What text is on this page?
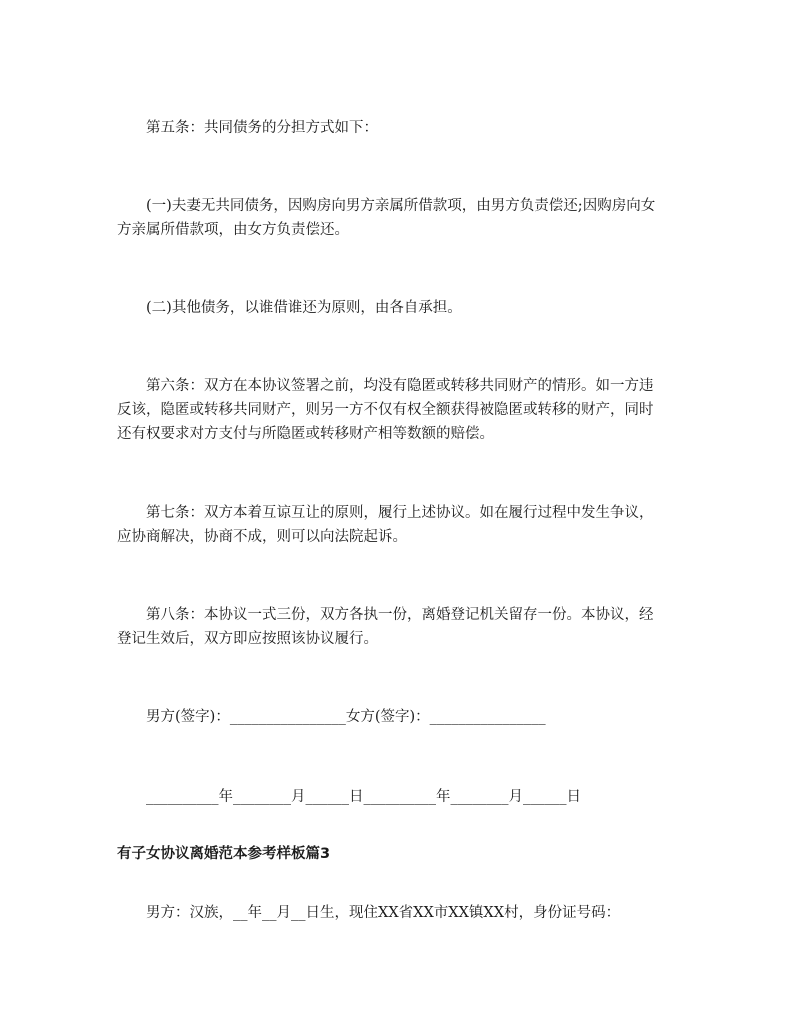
第五条：共同债务的分担方式如下：

(一)夫妻无共同债务，因购房向男方亲属所借款项，由男方负责偿还;因购房向女方亲属所借款项，由女方负责偿还。

(二)其他债务，以谁借谁还为原则，由各自承担。

第六条：双方在本协议签署之前，均没有隐匿或转移共同财产的情形。如一方违反该，隐匿或转移共同财产，则另一方不仅有权全额获得被隐匿或转移的财产，同时还有权要求对方支付与所隐匿或转移财产相等数额的赔偿。

第七条：双方本着互谅互让的原则，履行上述协议。如在履行过程中发生争议，应协商解决，协商不成，则可以向法院起诉。

第八条：本协议一式三份，双方各执一份，离婚登记机关留存一份。本协议，经登记生效后，双方即应按照该协议履行。

男方(签字)：________________女方(签字)：________________

__________年________月______日__________年________月______日

有子女协议离婚范本参考样板篇3

男方：汉族，__年__月__日生，现住XX省XX市XX镇XX村，身份证号码：
